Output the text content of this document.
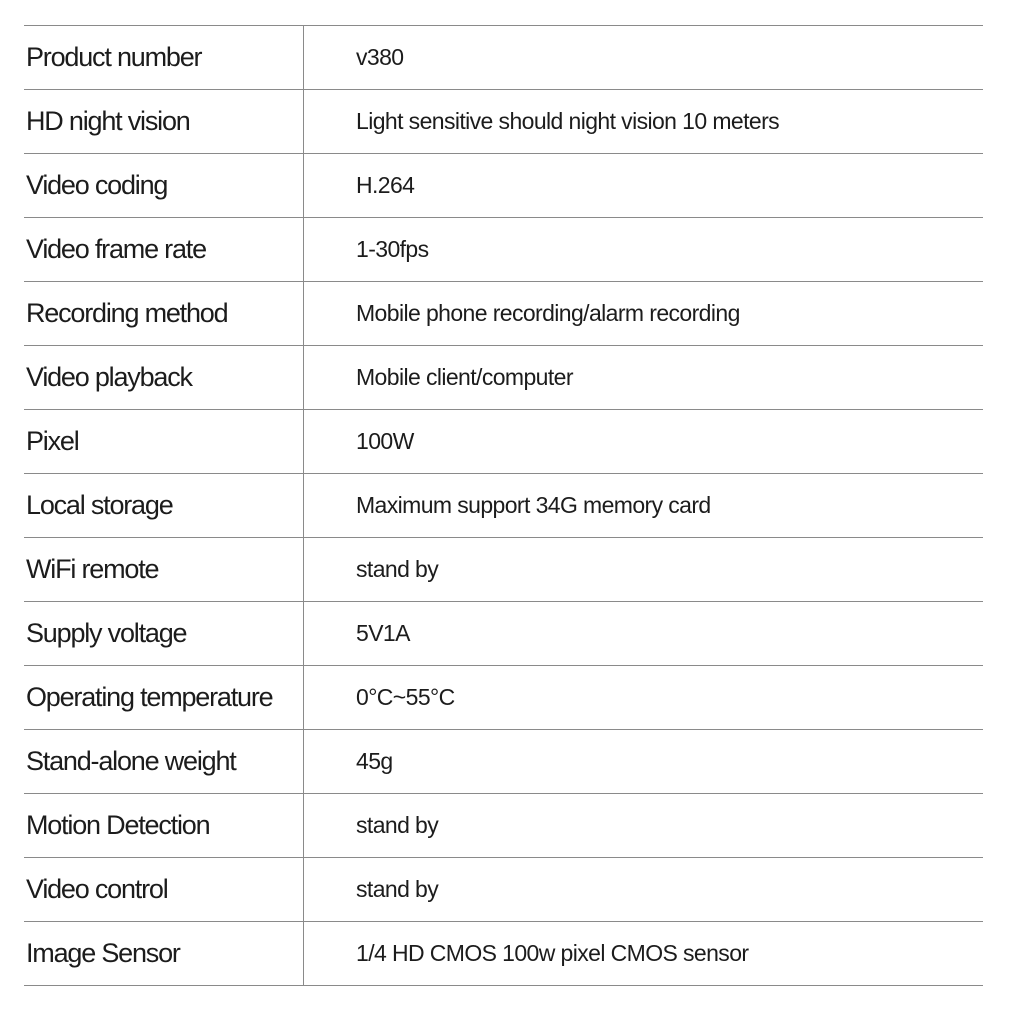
Product number	v380
HD night vision	Light sensitive should night vision 10 meters
Video coding	H.264
Video frame rate	1-30fps
Recording method	Mobile phone recording/alarm recording
Video playback	Mobile client/computer
Pixel	100W
Local storage	Maximum support 34G memory card
WiFi remote	stand by
Supply voltage	5V1A
Operating temperature	0°C~55°C
Stand-alone weight	45g
Motion Detection	stand by
Video control	stand by
Image Sensor	1/4 HD CMOS 100w pixel CMOS sensor
